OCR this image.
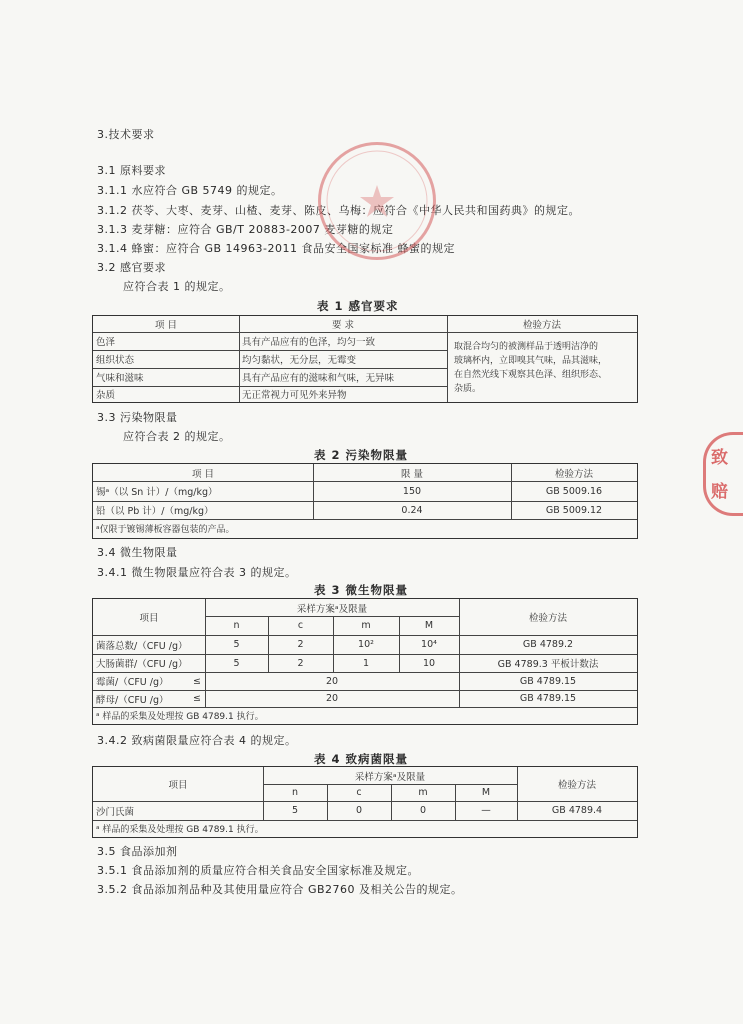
3.技术要求
3.1 原料要求
3.1.1 水应符合 GB 5749 的规定。
3.1.2 茯苓、大枣、麦芽、山楂、麦芽、陈皮、乌梅：应符合《中华人民共和国药典》的规定。
3.1.3 麦芽糖：应符合 GB/T 20883-2007 麦芽糖的规定
3.1.4 蜂蜜：应符合 GB 14963-2011 食品安全国家标准 蜂蜜的规定
3.2 感官要求
应符合表 1 的规定。
表 1 感官要求
项 目	要 求	检验方法
色泽	具有产品应有的色泽，均匀一致
组织状态	均匀黏状，无分层，无霉变
气味和滋味	具有产品应有的滋味和气味，无异味
杂质	无正常视力可见外来异物
取混合均匀的被测样品于透明洁净的
玻璃杯内，立即嗅其气味，品其滋味，
在自然光线下观察其色泽、组织形态、
杂质。
3.3 污染物限量
应符合表 2 的规定。
表 2 污染物限量
项 目	限 量	检验方法
锡ᵃ（以 Sn 计）/（mg/kg）	150	GB 5009.16
铅（以 Pb 计）/（mg/kg）	0.24	GB 5009.12
ᵃ仅限于镀锡薄板容器包装的产品。
3.4 微生物限量
3.4.1 微生物限量应符合表 3 的规定。
表 3 微生物限量
项目
采样方案ᵃ及限量
检验方法
n	c	m	M
菌落总数/（CFU /g）	5	2	10²	10⁴	GB 4789.2
大肠菌群/（CFU /g）	5	2	1	10	GB 4789.3 平板计数法
霉菌/（CFU /g）	≤	20	GB 4789.15
酵母/（CFU /g）	≤	20	GB 4789.15
ᵃ 样品的采集及处理按 GB 4789.1 执行。
3.4.2 致病菌限量应符合表 4 的规定。
表 4 致病菌限量
项目
采样方案ᵃ及限量
检验方法
n	c	m	M
沙门氏菌	5	0	0	—	GB 4789.4
ᵃ 样品的采集及处理按 GB 4789.1 执行。
3.5 食品添加剂
3.5.1 食品添加剂的质量应符合相关食品安全国家标准及规定。
3.5.2 食品添加剂品种及其使用量应符合 GB2760 及相关公告的规定。
致
赔
